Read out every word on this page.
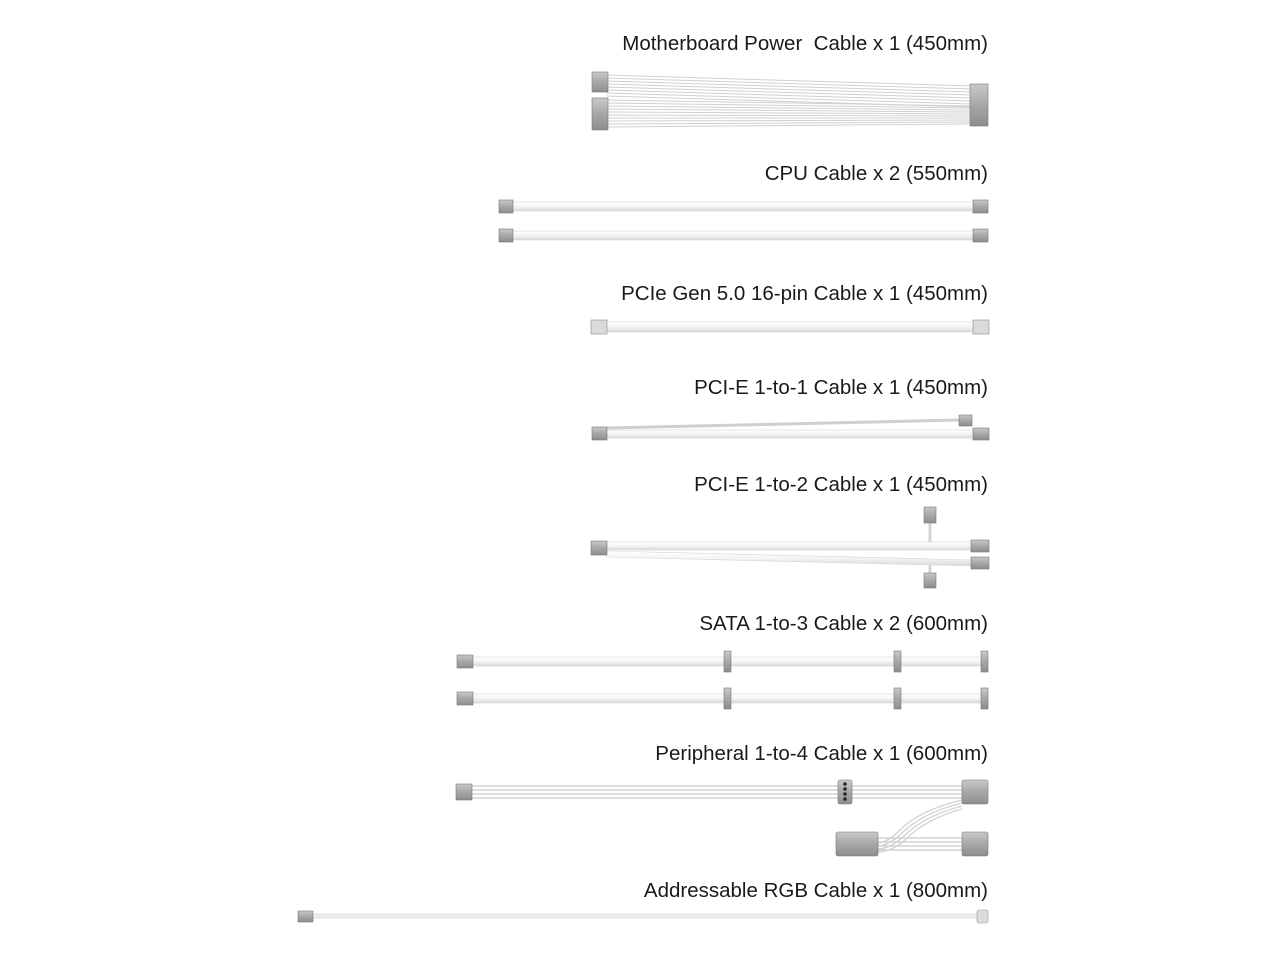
Motherboard Power  Cable x 1 (450mm)
CPU Cable x 2 (550mm)
PCIe Gen 5.0 16-pin Cable x 1 (450mm)
PCI-E 1-to-1 Cable x 1 (450mm)
PCI-E 1-to-2 Cable x 1 (450mm)
SATA 1-to-3 Cable x 2 (600mm)
Peripheral 1-to-4 Cable x 1 (600mm)
Addressable RGB Cable x 1 (800mm)
